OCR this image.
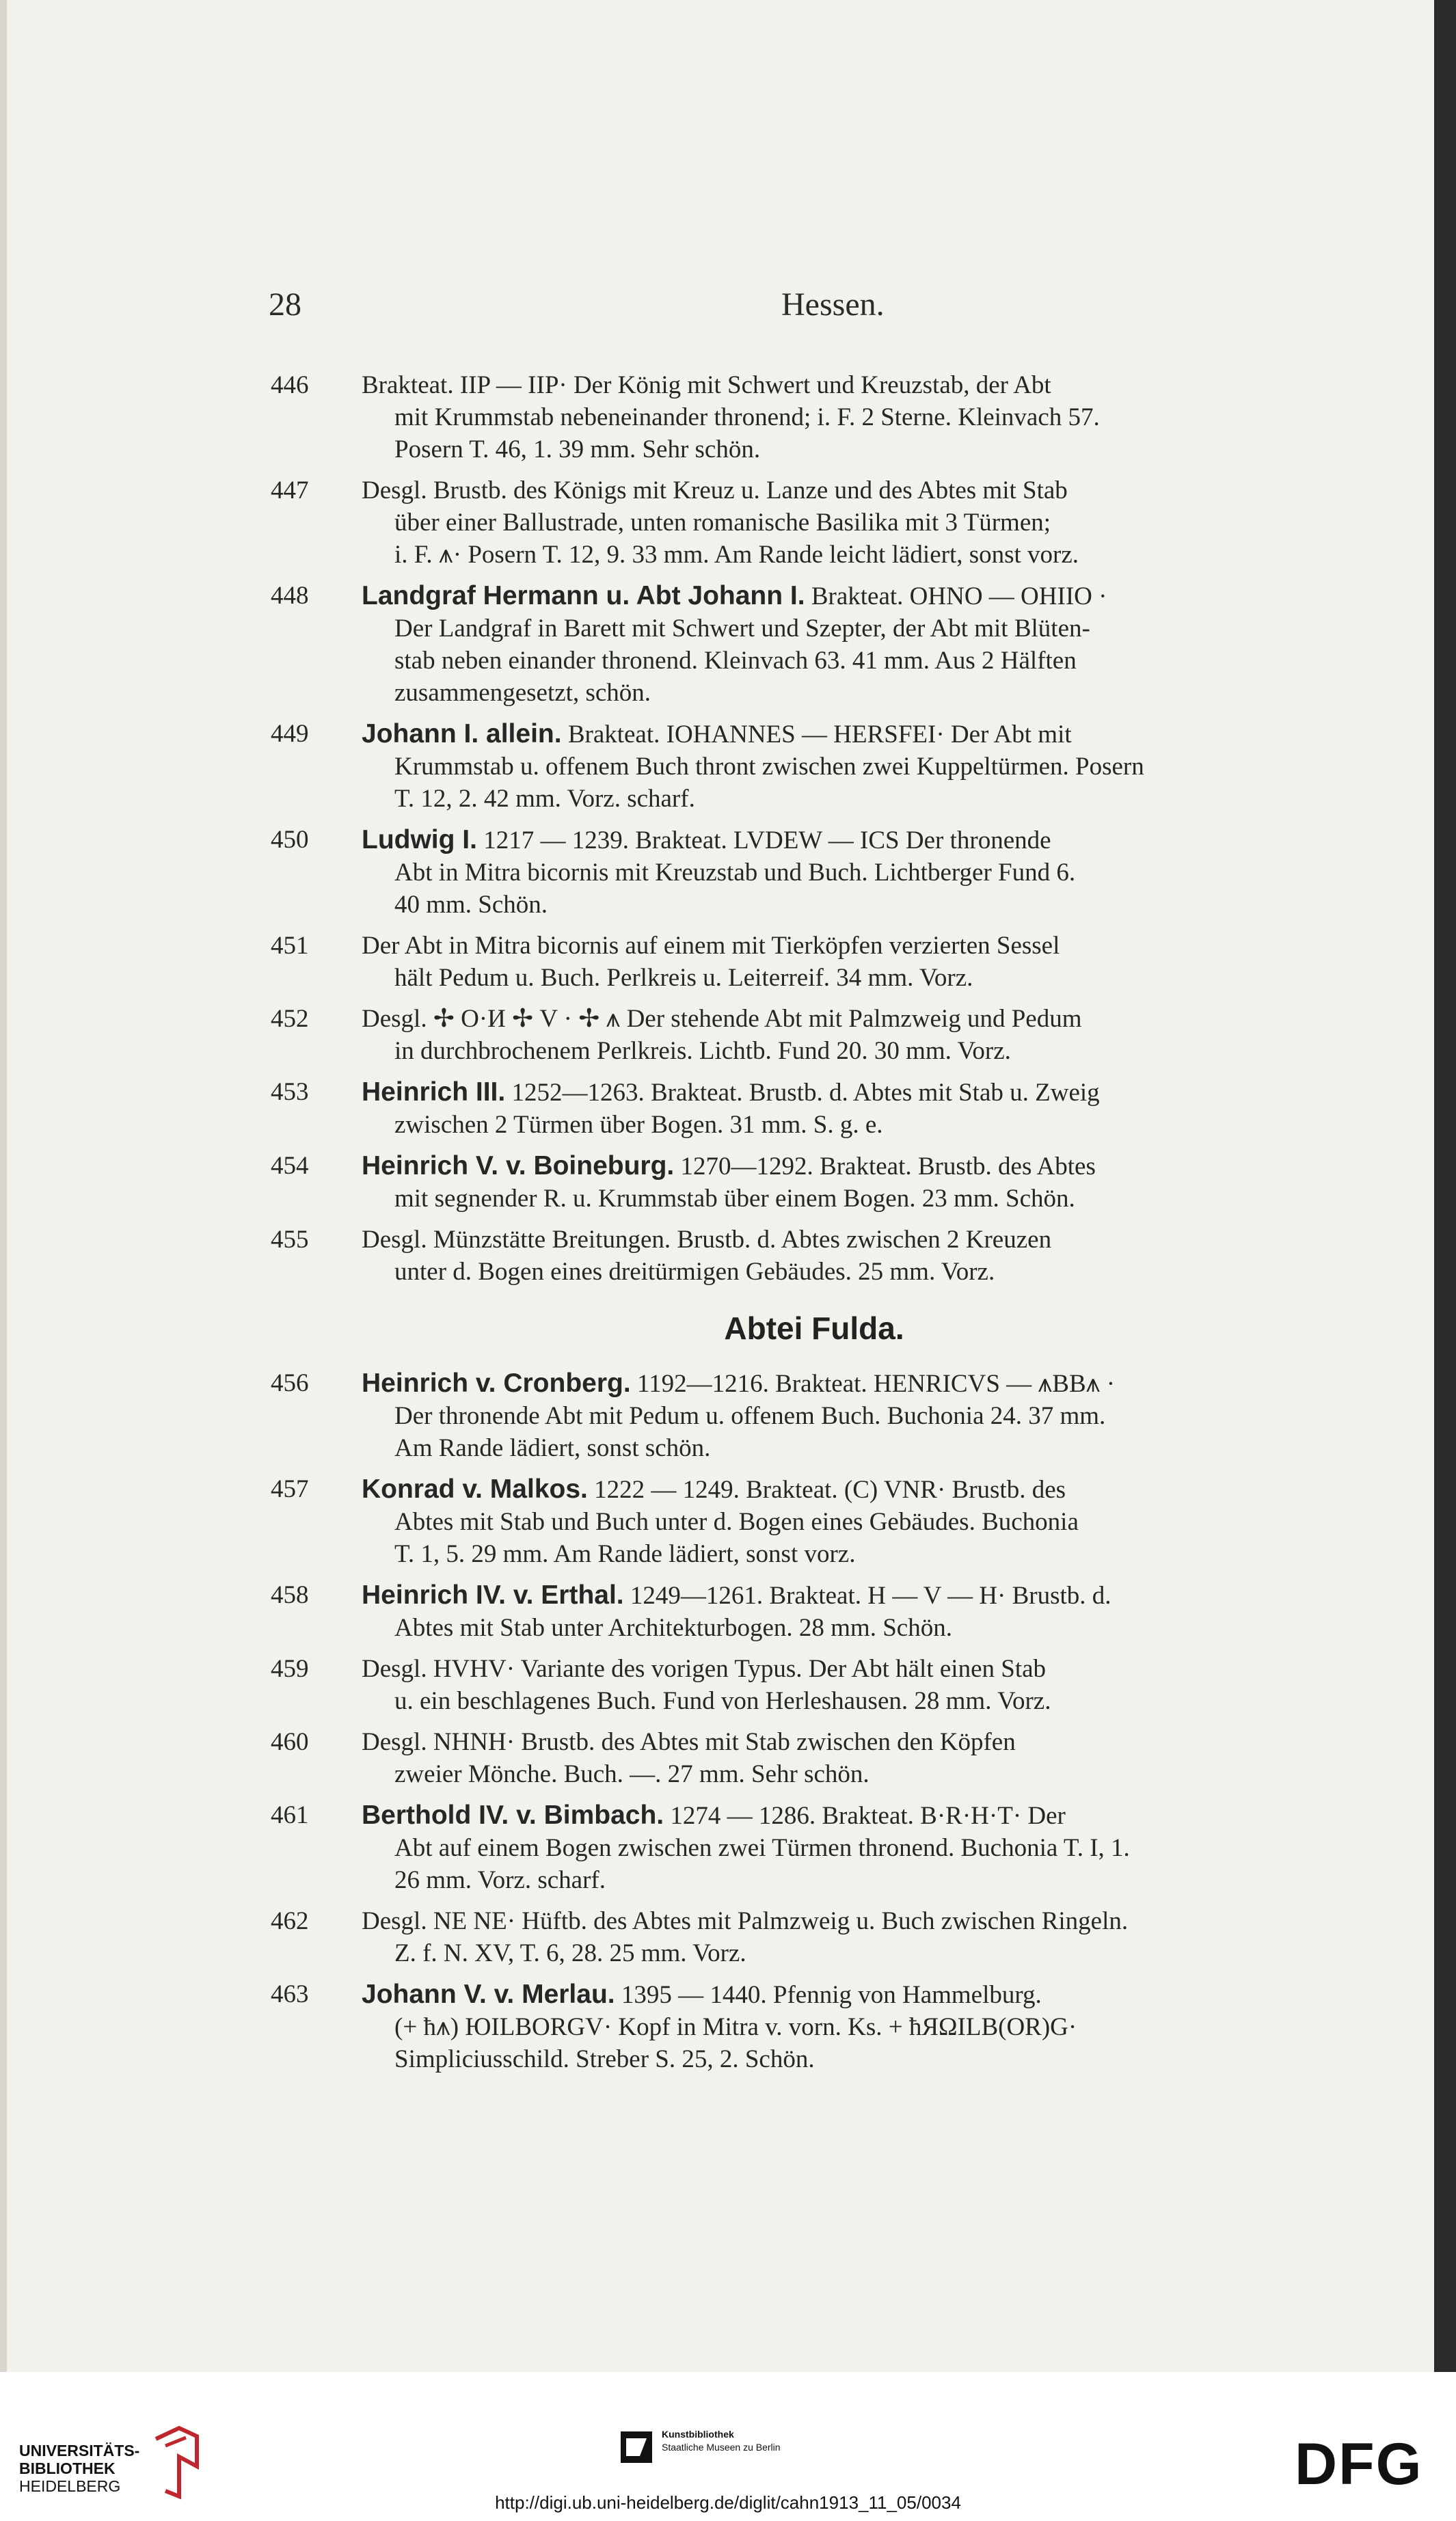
28	Hessen.
446 Brakteat. IIP — IIP· Der König mit Schwert und Kreuzstab, der Abt
mit Krummstab nebeneinander thronend; i. F. 2 Sterne. Kleinvach 57.
Posern T. 46, 1. 39 mm. Sehr schön.
447 Desgl. Brustb. des Königs mit Kreuz u. Lanze und des Abtes mit Stab
über einer Ballustrade, unten romanische Basilika mit 3 Türmen;
i. F. ⩚· Posern T. 12, 9. 33 mm. Am Rande leicht lädiert, sonst vorz.
448 Landgraf Hermann u. Abt Johann I. Brakteat. OHNO — OHIIO ·
Der Landgraf in Barett mit Schwert und Szepter, der Abt mit Blüten-
stab neben einander thronend. Kleinvach 63. 41 mm. Aus 2 Hälften
zusammengesetzt, schön.
449 Johann I. allein. Brakteat. IOHANNES — HERSFEI· Der Abt mit
Krummstab u. offenem Buch thront zwischen zwei Kuppeltürmen. Posern
T. 12, 2. 42 mm. Vorz. scharf.
450 Ludwig I. 1217 — 1239. Brakteat. LVDEW — ICS Der thronende
Abt in Mitra bicornis mit Kreuzstab und Buch. Lichtberger Fund 6.
40 mm. Schön.
451 Der Abt in Mitra bicornis auf einem mit Tierköpfen verzierten Sessel
hält Pedum u. Buch. Perlkreis u. Leiterreif. 34 mm. Vorz.
452 Desgl. ✢ O·И ✢ V · ✢ ⩚ Der stehende Abt mit Palmzweig und Pedum
in durchbrochenem Perlkreis. Lichtb. Fund 20. 30 mm. Vorz.
453 Heinrich III. 1252—1263. Brakteat. Brustb. d. Abtes mit Stab u. Zweig
zwischen 2 Türmen über Bogen. 31 mm. S. g. e.
454 Heinrich V. v. Boineburg. 1270—1292. Brakteat. Brustb. des Abtes
mit segnender R. u. Krummstab über einem Bogen. 23 mm. Schön.
455 Desgl. Münzstätte Breitungen. Brustb. d. Abtes zwischen 2 Kreuzen
unter d. Bogen eines dreitürmigen Gebäudes. 25 mm. Vorz.
Abtei Fulda.
456 Heinrich v. Cronberg. 1192—1216. Brakteat. HENRICVS — ⩚BB⩚ ·
Der thronende Abt mit Pedum u. offenem Buch. Buchonia 24. 37 mm.
Am Rande lädiert, sonst schön.
457 Konrad v. Malkos. 1222 — 1249. Brakteat. (C) VNR· Brustb. des
Abtes mit Stab und Buch unter d. Bogen eines Gebäudes. Buchonia
T. 1, 5. 29 mm. Am Rande lädiert, sonst vorz.
458 Heinrich IV. v. Erthal. 1249—1261. Brakteat. H — V — H· Brustb. d.
Abtes mit Stab unter Architekturbogen. 28 mm. Schön.
459 Desgl. HVHV· Variante des vorigen Typus. Der Abt hält einen Stab
u. ein beschlagenes Buch. Fund von Herleshausen. 28 mm. Vorz.
460 Desgl. NHNH· Brustb. des Abtes mit Stab zwischen den Köpfen
zweier Mönche. Buch. —. 27 mm. Sehr schön.
461 Berthold IV. v. Bimbach. 1274 — 1286. Brakteat. B·R·H·T· Der
Abt auf einem Bogen zwischen zwei Türmen thronend. Buchonia T. I, 1.
26 mm. Vorz. scharf.
462 Desgl. NE NE· Hüftb. des Abtes mit Palmzweig u. Buch zwischen Ringeln.
Z. f. N. XV, T. 6, 28. 25 mm. Vorz.
463 Johann V. v. Merlau. 1395 — 1440. Pfennig von Hammelburg.
(+ ħ⩚) ЮILBORGV· Kopf in Mitra v. vorn. Ks. + ħЯΩILB(OR)G·
Simpliciusschild. Streber S. 25, 2. Schön.
UNIVERSITÄTS-
BIBLIOTHEK
HEIDELBERG
Kunstbibliothek
Staatliche Museen zu Berlin	DFG
http://digi.ub.uni-heidelberg.de/diglit/cahn1913_11_05/0034
